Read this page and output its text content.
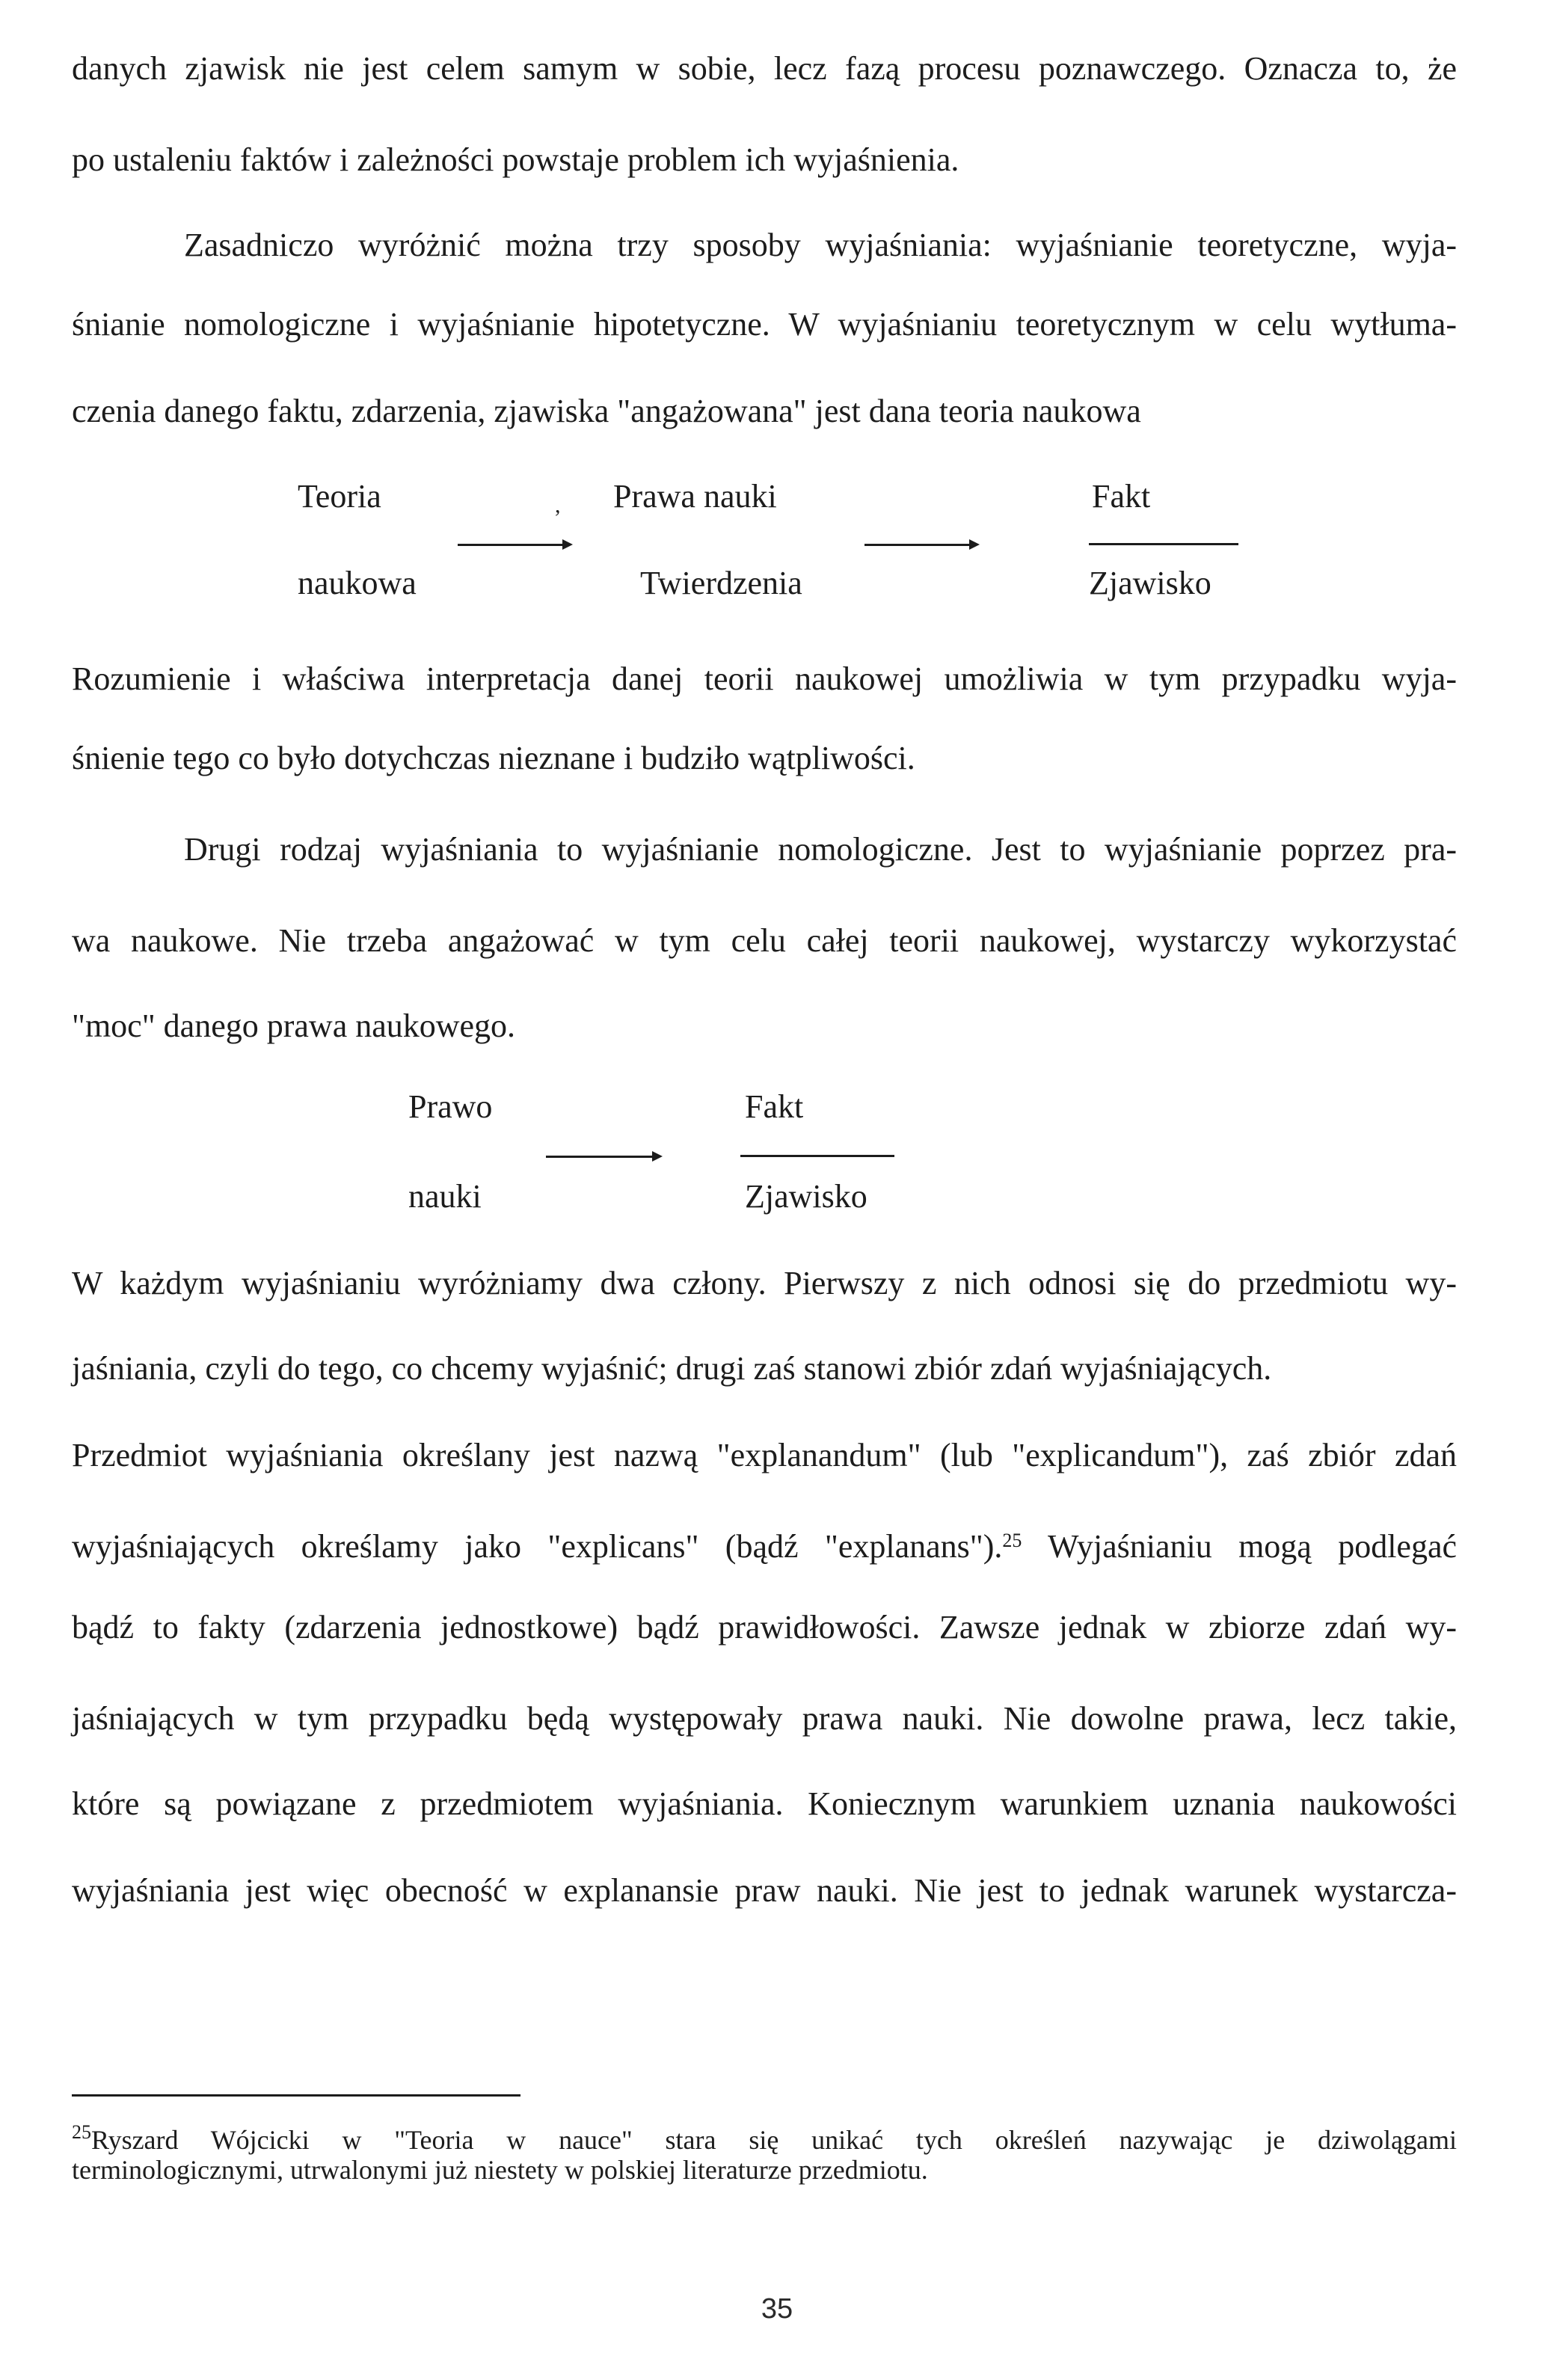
danych zjawisk nie jest celem samym w sobie, lecz fazą procesu poznawczego. Oznacza to, że

po ustaleniu faktów i zależności powstaje problem ich wyjaśnienia.

Zasadniczo wyróżnić można trzy sposoby wyjaśniania: wyjaśnianie teoretyczne, wyja-

śnianie nomologiczne i wyjaśnianie hipotetyczne. W wyjaśnianiu teoretycznym w celu wytłuma-

czenia danego faktu, zdarzenia, zjawiska "angażowana" jest dana teoria naukowa

Teoria
naukowa
, Prawa nauki
Twierdzenia
Fakt
Zjawisko

Rozumienie i właściwa interpretacja danej teorii naukowej umożliwia w tym przypadku wyja-

śnienie tego co było dotychczas nieznane i budziło wątpliwości.

Drugi rodzaj wyjaśniania to wyjaśnianie nomologiczne. Jest to wyjaśnianie poprzez pra-

wa naukowe. Nie trzeba angażować w tym celu całej teorii naukowej, wystarczy wykorzystać

"moc" danego prawa naukowego.

Prawo
nauki
Fakt
Zjawisko

W każdym wyjaśnianiu wyróżniamy dwa człony. Pierwszy z nich odnosi się do przedmiotu wy-

jaśniania, czyli do tego, co chcemy wyjaśnić; drugi zaś stanowi zbiór zdań wyjaśniających.

Przedmiot wyjaśniania określany jest nazwą "explanandum" (lub "explicandum"), zaś zbiór zdań

wyjaśniających określamy jako "explicans" (bądź "explanans").$^{25}$ Wyjaśnianiu mogą podlegać

bądź to fakty (zdarzenia jednostkowe) bądź prawidłowości. Zawsze jednak w zbiorze zdań wy-

jaśniających w tym przypadku będą występowały prawa nauki. Nie dowolne prawa, lecz takie,

które są powiązane z przedmiotem wyjaśniania. Koniecznym warunkiem uznania naukowości

wyjaśniania jest więc obecność w explanansie praw nauki. Nie jest to jednak warunek wystarcza-

$^{25}$Ryszard Wójcicki w "Teoria w nauce" stara się unikać tych określeń nazywając je dziwolągami
terminologicznymi, utrwalonymi już niestety w polskiej literaturze przedmiotu.
35
